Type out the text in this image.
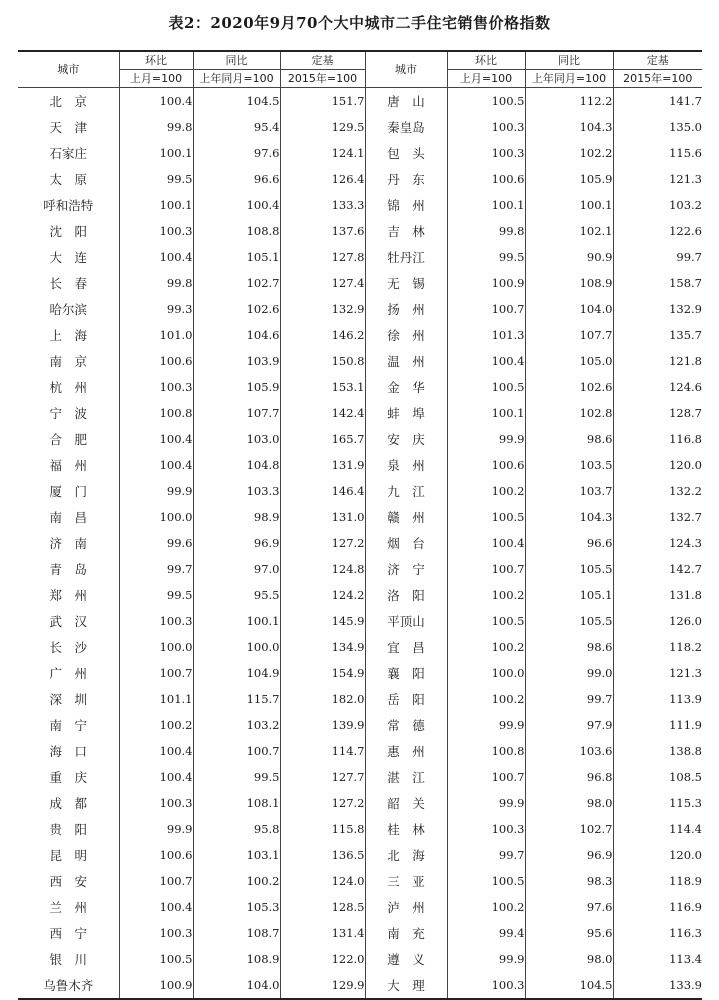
表2：2020年9月70个大中城市二手住宅销售价格指数
城市	环比	同比	定基	城市	环比	同比	定基
	上月=100	上年同月=100	2015年=100		上月=100	上年同月=100	2015年=100
北　京	100.4	104.5	151.7	唐　山	100.5	112.2	141.7
天　津	99.8	95.4	129.5	秦皇岛	100.3	104.3	135.0
石家庄	100.1	97.6	124.1	包　头	100.3	102.2	115.6
太　原	99.5	96.6	126.4	丹　东	100.6	105.9	121.3
呼和浩特	100.1	100.4	133.3	锦　州	100.1	100.1	103.2
沈　阳	100.3	108.8	137.6	吉　林	99.8	102.1	122.6
大　连	100.4	105.1	127.8	牡丹江	99.5	90.9	99.7
长　春	99.8	102.7	127.4	无　锡	100.9	108.9	158.7
哈尔滨	99.3	102.6	132.9	扬　州	100.7	104.0	132.9
上　海	101.0	104.6	146.2	徐　州	101.3	107.7	135.7
南　京	100.6	103.9	150.8	温　州	100.4	105.0	121.8
杭　州	100.3	105.9	153.1	金　华	100.5	102.6	124.6
宁　波	100.8	107.7	142.4	蚌　埠	100.1	102.8	128.7
合　肥	100.4	103.0	165.7	安　庆	99.9	98.6	116.8
福　州	100.4	104.8	131.9	泉　州	100.6	103.5	120.0
厦　门	99.9	103.3	146.4	九　江	100.2	103.7	132.2
南　昌	100.0	98.9	131.0	赣　州	100.5	104.3	132.7
济　南	99.6	96.9	127.2	烟　台	100.4	96.6	124.3
青　岛	99.7	97.0	124.8	济　宁	100.7	105.5	142.7
郑　州	99.5	95.5	124.2	洛　阳	100.2	105.1	131.8
武　汉	100.3	100.1	145.9	平顶山	100.5	105.5	126.0
长　沙	100.0	100.0	134.9	宜　昌	100.2	98.6	118.2
广　州	100.7	104.9	154.9	襄　阳	100.0	99.0	121.3
深　圳	101.1	115.7	182.0	岳　阳	100.2	99.7	113.9
南　宁	100.2	103.2	139.9	常　德	99.9	97.9	111.9
海　口	100.4	100.7	114.7	惠　州	100.8	103.6	138.8
重　庆	100.4	99.5	127.7	湛　江	100.7	96.8	108.5
成　都	100.3	108.1	127.2	韶　关	99.9	98.0	115.3
贵　阳	99.9	95.8	115.8	桂　林	100.3	102.7	114.4
昆　明	100.6	103.1	136.5	北　海	99.7	96.9	120.0
西　安	100.7	100.2	124.0	三　亚	100.5	98.3	118.9
兰　州	100.4	105.3	128.5	泸　州	100.2	97.6	116.9
西　宁	100.3	108.7	131.4	南　充	99.4	95.6	116.3
银　川	100.5	108.9	122.0	遵　义	99.9	98.0	113.4
乌鲁木齐	100.9	104.0	129.9	大　理	100.3	104.5	133.9
